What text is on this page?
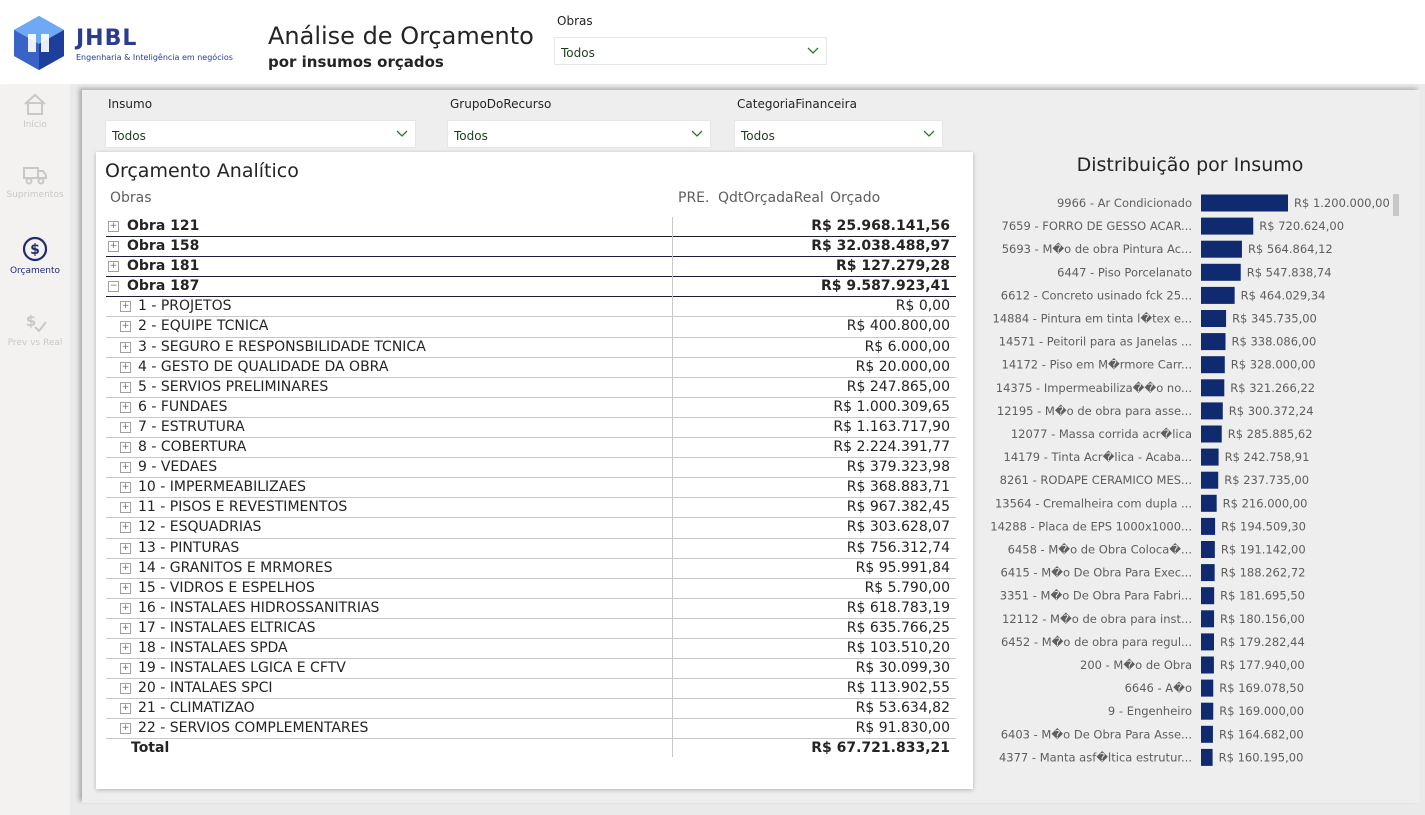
JHBL
Engenharia & Inteligência em negócios
Análise de Orçamento
por insumos orçados
Obras
Todos
Início
Suprimentos
$
Orçamento
$
Prev vs Real
Insumo
Todos
GrupoDoRecurso
Todos
CategoriaFinanceira
Todos
Orçamento Analítico
Obras	PRE. QdtOrçadaReal Orçado
+ Obra 121	R$ 25.968.141,56
+ Obra 158	R$ 32.038.488,97
+ Obra 181	R$ 127.279,28
− Obra 187	R$ 9.587.923,41
+ 1 - PROJETOS	R$ 0,00
+ 2 - EQUIPE TCNICA	R$ 400.800,00
+ 3 - SEGURO E RESPONSBILIDADE TCNICA	R$ 6.000,00
+ 4 - GESTO DE QUALIDADE DA OBRA	R$ 20.000,00
+ 5 - SERVIOS PRELIMINARES	R$ 247.865,00
+ 6 - FUNDAES	R$ 1.000.309,65
+ 7 - ESTRUTURA	R$ 1.163.717,90
+ 8 - COBERTURA	R$ 2.224.391,77
+ 9 - VEDAES	R$ 379.323,98
+ 10 - IMPERMEABILIZAES	R$ 368.883,71
+ 11 - PISOS E REVESTIMENTOS	R$ 967.382,45
+ 12 - ESQUADRIAS	R$ 303.628,07
+ 13 - PINTURAS	R$ 756.312,74
+ 14 - GRANITOS E MRMORES	R$ 95.991,84
+ 15 - VIDROS E ESPELHOS	R$ 5.790,00
+ 16 - INSTALAES HIDROSSANITRIAS	R$ 618.783,19
+ 17 - INSTALAES ELTRICAS	R$ 635.766,25
+ 18 - INSTALAES SPDA	R$ 103.510,20
+ 19 - INSTALAES LGICA E CFTV	R$ 30.099,30
+ 20 - INTALAES SPCI	R$ 113.902,55
+ 21 - CLIMATIZAO	R$ 53.634,82
+ 22 - SERVIOS COMPLEMENTARES	R$ 91.830,00
Total	R$ 67.721.833,21
Distribuição por Insumo
9966 - Ar Condicionado	R$ 1.200.000,00
7659 - FORRO DE GESSO ACAR...	R$ 720.624,00
5693 - M�o de obra Pintura Ac...	R$ 564.864,12
6447 - Piso Porcelanato	R$ 547.838,74
6612 - Concreto usinado fck 25...	R$ 464.029,34
14884 - Pintura em tinta l�tex e...	R$ 345.735,00
14571 - Peitoril para as Janelas ...	R$ 338.086,00
14172 - Piso em M�rmore Carr...	R$ 328.000,00
14375 - Impermeabiliza��o no...	R$ 321.266,22
12195 - M�o de obra para asse...	R$ 300.372,24
12077 - Massa corrida acr�lica	R$ 285.885,62
14179 - Tinta Acr�lica - Acaba...	R$ 242.758,91
8261 - RODAPE CERAMICO MES...	R$ 237.735,00
13564 - Cremalheira com dupla ...	R$ 216.000,00
14288 - Placa de EPS 1000x1000...	R$ 194.509,30
6458 - M�o de Obra Coloca�...	R$ 191.142,00
6415 - M�o De Obra Para Exec... R$ 188.262,72
3351 - M�o De Obra Para Fabri... R$ 181.695,50
12112 - M�o de obra para inst... R$ 180.156,00
6452 - M�o de obra para regul... R$ 179.282,44
200 - M�o de Obra R$ 177.940,00
6646 - A�o R$ 169.078,50
9 - Engenheiro R$ 169.000,00
6403 - M�o De Obra Para Asse... R$ 164.682,00
4377 - Manta asf�ltica estrutur... R$ 160.195,00
